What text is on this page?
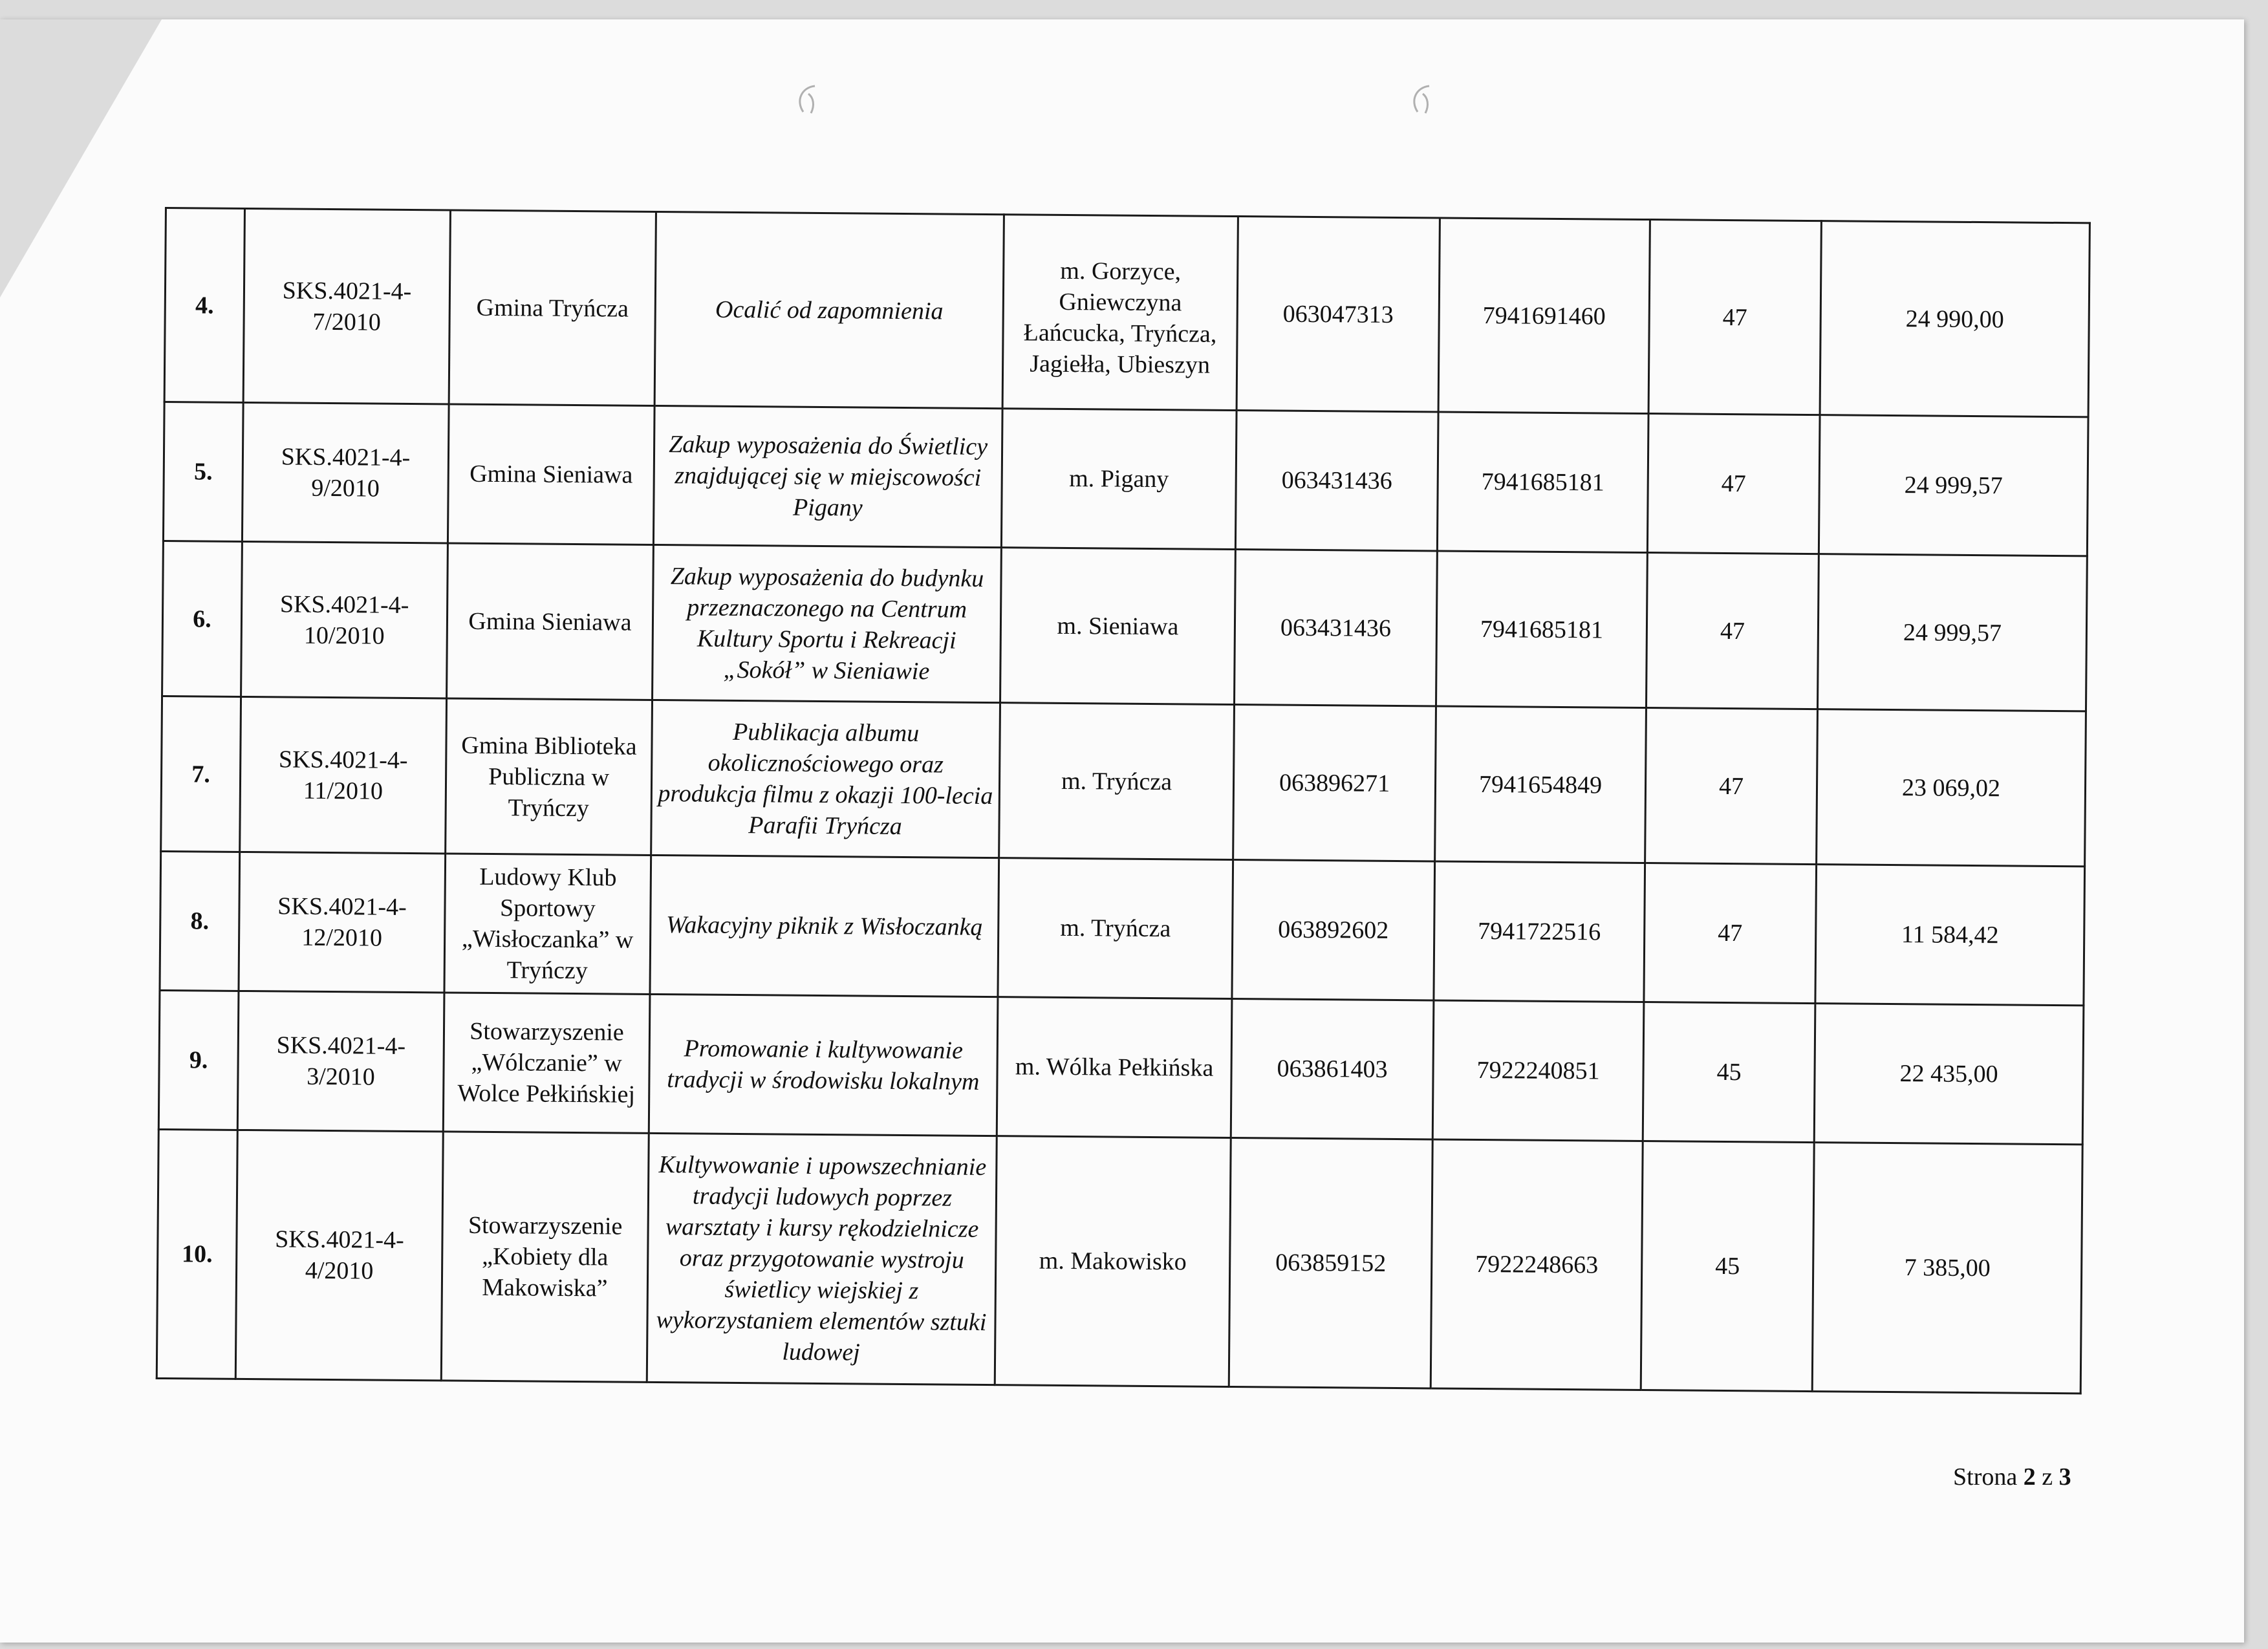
4.	SKS.4021-4-7/2010	Gmina Tryńcza	Ocalić od zapomnienia	m. Gorzyce, Gniewczyna Łańcucka, Tryńcza, Jagiełła, Ubieszyn	063047313	7941691460	47	24 990,00
5.	SKS.4021-4-9/2010	Gmina Sieniawa	Zakup wyposażenia do Świetlicy znajdującej się w miejscowości Pigany	m. Pigany	063431436	7941685181	47	24 999,57
6.	SKS.4021-4-10/2010	Gmina Sieniawa	Zakup wyposażenia do budynku przeznaczonego na Centrum Kultury Sportu i Rekreacji „Sokół” w Sieniawie	m. Sieniawa	063431436	7941685181	47	24 999,57
7.	SKS.4021-4-11/2010	Gmina Biblioteka Publiczna w Tryńczy	Publikacja albumu okolicznościowego oraz produkcja filmu z okazji 100-lecia Parafii Tryńcza	m. Tryńcza	063896271	7941654849	47	23 069,02
8.	SKS.4021-4-12/2010	Ludowy Klub Sportowy „Wisłoczanka” w Tryńczy	Wakacyjny piknik z Wisłoczanką	m. Tryńcza	063892602	7941722516	47	11 584,42
9.	SKS.4021-4-3/2010	Stowarzyszenie „Wólczanie” w Wolce Pełkińskiej	Promowanie i kultywowanie tradycji w środowisku lokalnym	m. Wólka Pełkińska	063861403	7922240851	45	22 435,00
10.	SKS.4021-4-4/2010	Stowarzyszenie „Kobiety dla Makowiska”	Kultywowanie i upowszechnianie tradycji ludowych poprzez warsztaty i kursy rękodzielnicze oraz przygotowanie wystroju świetlicy wiejskiej z wykorzystaniem elementów sztuki ludowej	m. Makowisko	063859152	7922248663	45	7 385,00
Strona 2 z 3
